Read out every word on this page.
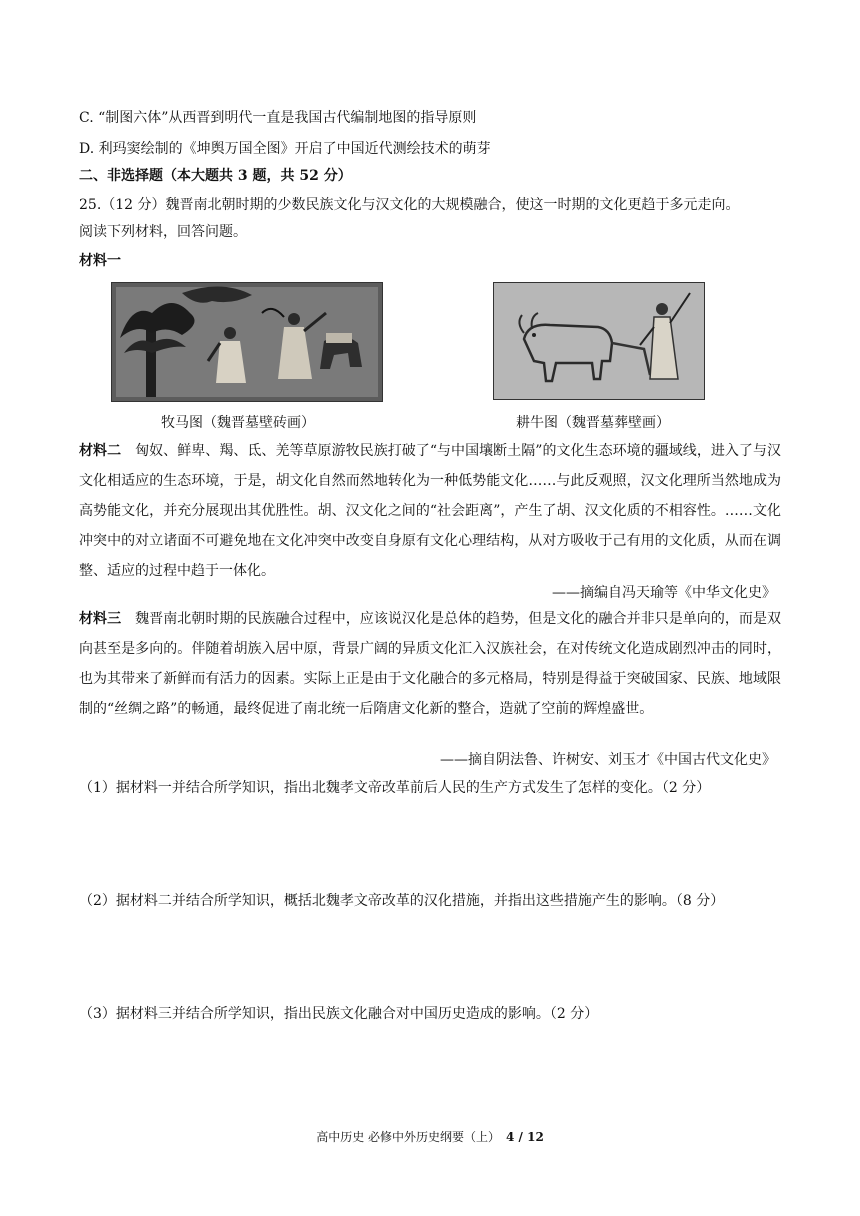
C. “制图六体”从西晋到明代一直是我国古代编制地图的指导原则
D. 利玛窦绘制的《坤舆万国全图》开启了中国近代测绘技术的萌芽
二、非选择题（本大题共 3 题，共 52 分）
25.（12 分）魏晋南北朝时期的少数民族文化与汉文化的大规模融合，使这一时期的文化更趋于多元走向。
阅读下列材料，回答问题。
材料一
牧马图（魏晋墓壁砖画）	耕牛图（魏晋墓葬壁画）
材料二 匈奴、鲜卑、羯、氐、羌等草原游牧民族打破了“与中国壤断土隔”的文化生态环境的疆域线，进入了与汉文化相适应的生态环境，于是，胡文化自然而然地转化为一种低势能文化……与此反观照，汉文化理所当然地成为高势能文化，并充分展现出其优胜性。胡、汉文化之间的“社会距离”，产生了胡、汉文化质的不相容性。……文化冲突中的对立诸面不可避免地在文化冲突中改变自身原有文化心理结构，从对方吸收于己有用的文化质，从而在调整、适应的过程中趋于一体化。
——摘编自冯天瑜等《中华文化史》
材料三 魏晋南北朝时期的民族融合过程中，应该说汉化是总体的趋势，但是文化的融合并非只是单向的，而是双向甚至是多向的。伴随着胡族入居中原，背景广阔的异质文化汇入汉族社会，在对传统文化造成剧烈冲击的同时，也为其带来了新鲜而有活力的因素。实际上正是由于文化融合的多元格局，特别是得益于突破国家、民族、地域限制的“丝绸之路”的畅通，最终促进了南北统一后隋唐文化新的整合，造就了空前的辉煌盛世。
——摘自阴法鲁、许树安、刘玉才《中国古代文化史》
（1）据材料一并结合所学知识，指出北魏孝文帝改革前后人民的生产方式发生了怎样的变化。（2 分）
（2）据材料二并结合所学知识，概括北魏孝文帝改革的汉化措施，并指出这些措施产生的影响。（8 分）
（3）据材料三并结合所学知识，指出民族文化融合对中国历史造成的影响。（2 分）
高中历史 必修中外历史纲要（上） 4 / 12
